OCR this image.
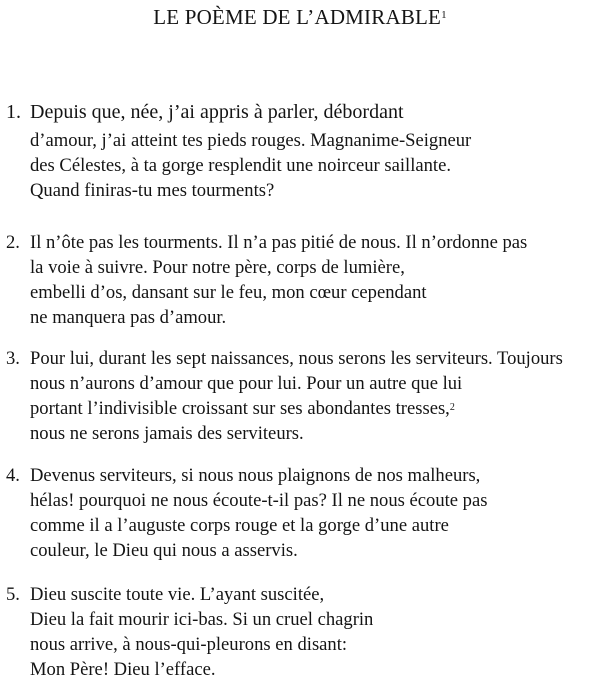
LE POÈME DE L’ADMIRABLE$^1$
1. Depuis que, née, j’ai appris à parler, débordant
d’amour, j’ai atteint tes pieds rouges. Magnanime-Seigneur
des Célestes, à ta gorge resplendit une noirceur saillante.
Quand finiras-tu mes tourments?
2. Il n’ôte pas les tourments. Il n’a pas pitié de nous. Il n’ordonne pas
la voie à suivre. Pour notre père, corps de lumière,
embelli d’os, dansant sur le feu, mon cœur cependant
ne manquera pas d’amour.
3. Pour lui, durant les sept naissances, nous serons les serviteurs. Toujours
nous n’aurons d’amour que pour lui. Pour un autre que lui
portant l’indivisible croissant sur ses abondantes tresses,$^2$
nous ne serons jamais des serviteurs.
4. Devenus serviteurs, si nous nous plaignons de nos malheurs,
hélas! pourquoi ne nous écoute-t-il pas? Il ne nous écoute pas
comme il a l’auguste corps rouge et la gorge d’une autre
couleur, le Dieu qui nous a asservis.
5. Dieu suscite toute vie. L’ayant suscitée,
Dieu la fait mourir ici-bas. Si un cruel chagrin
nous arrive, à nous-qui-pleurons en disant:
Mon Père! Dieu l’efface.
